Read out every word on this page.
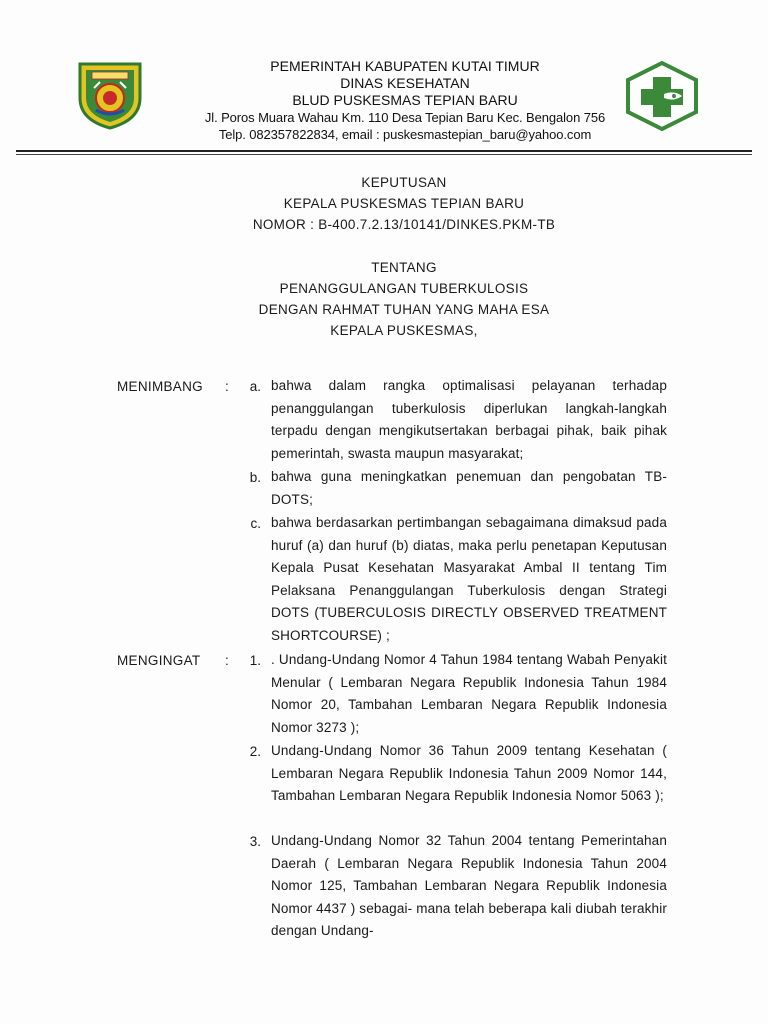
PEMERINTAH KABUPATEN KUTAI TIMUR
DINAS KESEHATAN
BLUD PUSKESMAS TEPIAN BARU
Jl. Poros Muara Wahau Km. 110 Desa Tepian Baru Kec. Bengalon 756
Telp. 082357822834, email : puskesmastepian_baru@yahoo.com
KEPUTUSAN
KEPALA PUSKESMAS TEPIAN BARU
NOMOR : B-400.7.2.13/10141/DINKES.PKM-TB
TENTANG
PENANGGULANGAN TUBERKULOSIS
DENGAN RAHMAT TUHAN YANG MAHA ESA
KEPALA PUSKESMAS,
MENIMBANG :	a. bahwa dalam rangka optimalisasi pelayanan terhadap penanggulangan tuberkulosis diperlukan langkah-langkah terpadu dengan mengikutsertakan berbagai pihak, baik pihak pemerintah, swasta maupun masyarakat;
b. bahwa guna meningkatkan penemuan dan pengobatan TB-DOTS;
c. bahwa berdasarkan pertimbangan sebagaimana dimaksud pada huruf (a) dan huruf (b) diatas, maka perlu penetapan Keputusan Kepala Pusat Kesehatan Masyarakat Ambal II tentang Tim Pelaksana Penanggulangan Tuberkulosis dengan Strategi DOTS (TUBERCULOSIS DIRECTLY OBSERVED TREATMENT SHORTCOURSE) ;
MENGINGAT :	1. . Undang-Undang Nomor 4 Tahun 1984 tentang Wabah Penyakit Menular ( Lembaran Negara Republik Indonesia Tahun 1984 Nomor 20, Tambahan Lembaran Negara Republik Indonesia Nomor 3273 );
2. Undang-Undang Nomor 36 Tahun 2009 tentang Kesehatan ( Lembaran Negara Republik Indonesia Tahun 2009 Nomor 144, Tambahan Lembaran Negara Republik Indonesia Nomor 5063 );
3. Undang-Undang Nomor 32 Tahun 2004 tentang Pemerintahan Daerah ( Lembaran Negara Republik Indonesia Tahun 2004 Nomor 125, Tambahan Lembaran Negara Republik Indonesia Nomor 4437 ) sebagai- mana telah beberapa kali diubah terakhir dengan Undang-
